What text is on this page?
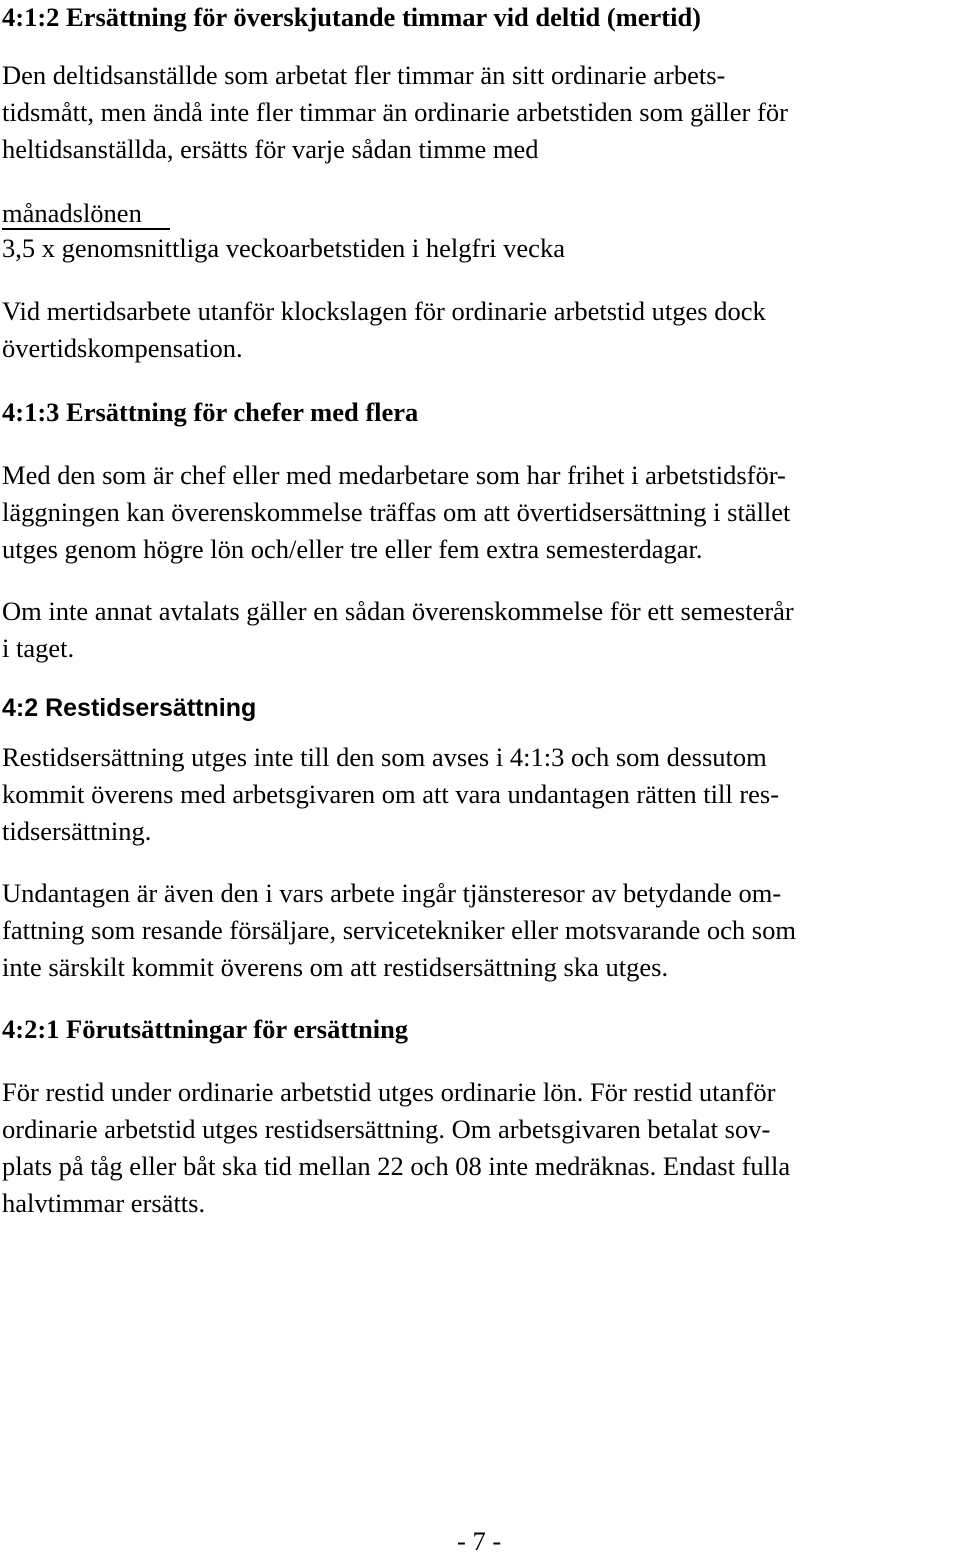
4:1:2 Ersättning för överskjutande timmar vid deltid (mertid)
Den deltidsanställde som arbetat fler timmar än sitt ordinarie arbets-
tidsmått, men ändå inte fler timmar än ordinarie arbetstiden som gäller för
heltidsanställda, ersätts för varje sådan timme med
månadslönen
3,5 x genomsnittliga veckoarbetstiden i helgfri vecka
Vid mertidsarbete utanför klockslagen för ordinarie arbetstid utges dock
övertidskompensation.
4:1:3 Ersättning för chefer med flera
Med den som är chef eller med medarbetare som har frihet i arbetstidsför-
läggningen kan överenskommelse träffas om att övertidsersättning i stället
utges genom högre lön och/eller tre eller fem extra semesterdagar.
Om inte annat avtalats gäller en sådan överenskommelse för ett semesterår
i taget.
4:2 Restidsersättning
Restidsersättning utges inte till den som avses i 4:1:3 och som dessutom
kommit överens med arbetsgivaren om att vara undantagen rätten till res-
tidsersättning.
Undantagen är även den i vars arbete ingår tjänsteresor av betydande om-
fattning som resande försäljare, servicetekniker eller motsvarande och som
inte särskilt kommit överens om att restidsersättning ska utges.
4:2:1 Förutsättningar för ersättning
För restid under ordinarie arbetstid utges ordinarie lön. För restid utanför
ordinarie arbetstid utges restidsersättning. Om arbetsgivaren betalat sov-
plats på tåg eller båt ska tid mellan 22 och 08 inte medräknas. Endast fulla
halvtimmar ersätts.
- 7 -
